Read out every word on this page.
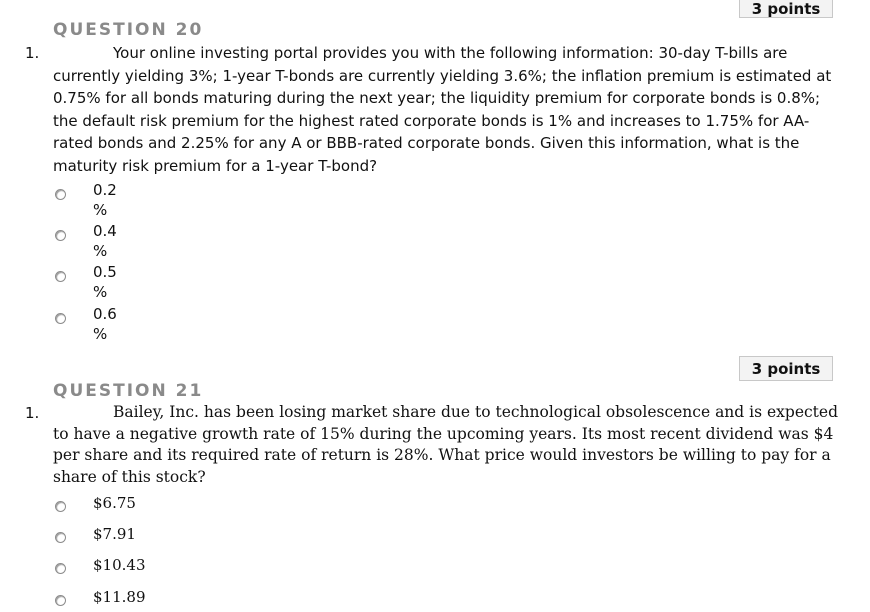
3 points
QUESTION 20
1.	Your online investing portal provides you with the following information: 30-day T-bills are currently yielding 3%; 1-year T-bonds are currently yielding 3.6%; the inflation premium is estimated at 0.75% for all bonds maturing during the next year; the liquidity premium for corporate bonds is 0.8%; the default risk premium for the highest rated corporate bonds is 1% and increases to 1.75% for AA-rated bonds and 2.25% for any A or BBB-rated corporate bonds. Given this information, what is the maturity risk premium for a 1-year T-bond?
0.2
%
0.4
%
0.5
%
0.6
%
3 points
QUESTION 21
1.	Bailey, Inc. has been losing market share due to technological obsolescence and is expected to have a negative growth rate of 15% during the upcoming years. Its most recent dividend was $4 per share and its required rate of return is 28%. What price would investors be willing to pay for a share of this stock?
$6.75
$7.91
$10.43
$11.89
